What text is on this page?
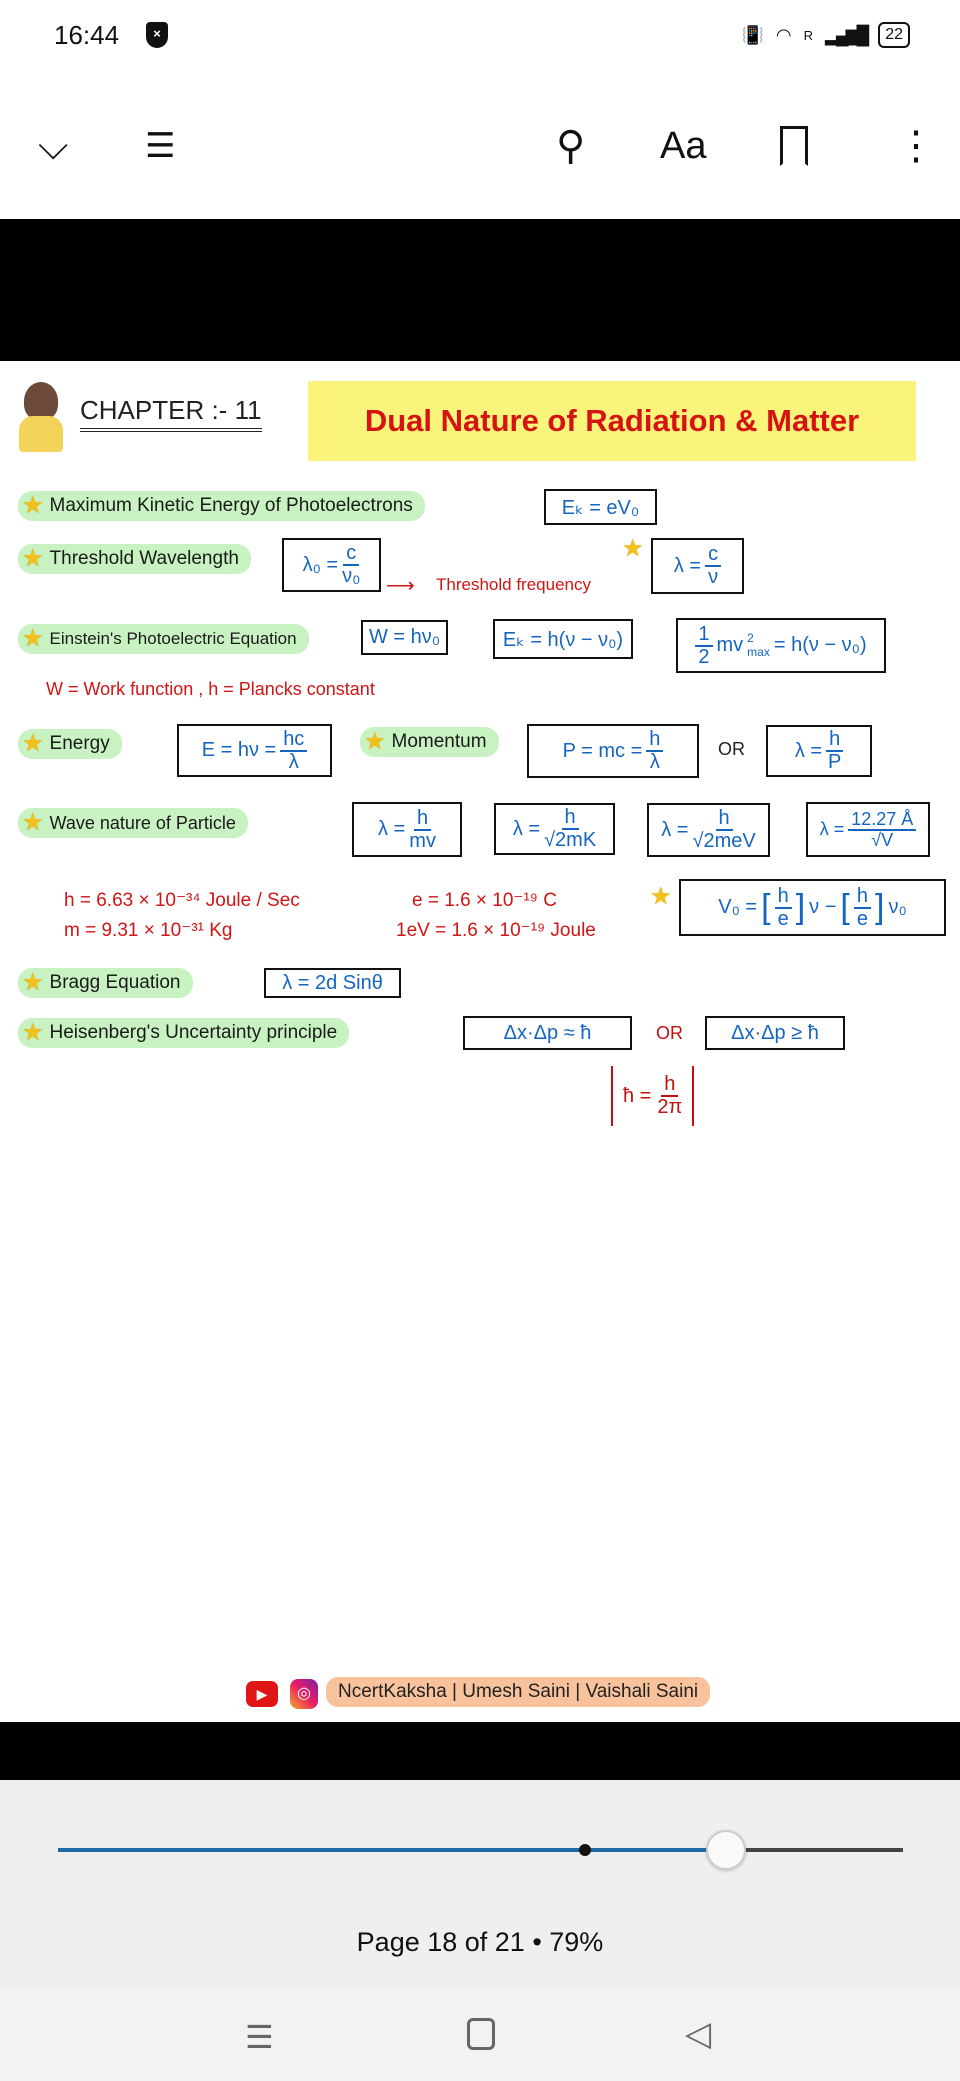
16:44	×	📳 ◠ R ▂▄▆█	22
⌵ ☰	⚲ Aa	⋮
CHAPTER :- 11	Dual Nature of Radiation & Matter
★ Maximum Kinetic Energy of Photoelectrons	Eₖ = eV₀
★ Threshold Wavelength	$\lambda_0 = \frac{c}{\text{ν₀}}$ ⟶ Threshold frequency
★
$\lambda = \frac{c}{\nu}$
★ Einstein's Photoelectric Equation	W = hν₀	Eₖ = h(ν − ν₀)	$\frac{1}{2}$ mv 2
max = h(ν − ν₀)
W = Work function , h = Plancks constant
★ Energy	$E = h\nu = \frac{hc}{\lambda}$ ★ Momentum	P = mc = $\frac{h}{\lambda}$	OR $\lambda = \frac{h}{P}$
★ Wave nature of Particle	$\lambda = \frac{h}{mv}$	$\lambda = \frac{h}{√2mK}$	$\lambda = \frac{h}{\text{√2meV}}$	$\lambda = \frac{12.27 Å}{√V}$
h = 6.63 × 10⁻³⁴ Joule / Sec
m = 9.31 × 10⁻³¹ Kg
e = 1.6 × 10⁻¹⁹ C
1eV = 1.6 × 10⁻¹⁹ Joule
★ V₀ = [ $\frac{h}{e}$ ] ν − [ $\frac{h}{e}$ ] ν₀
★ Bragg Equation	λ = 2d Sinθ
★ Heisenberg's Uncertainty principle	Δx·Δp ≈ ħ	OR	Δx·Δp ≥ ħ
ħ = $\frac{h}{2\pi}$
▶	◎	NcertKaksha | Umesh Saini | Vaishali Saini
Page 18 of 21 • 79%
☰	◁
